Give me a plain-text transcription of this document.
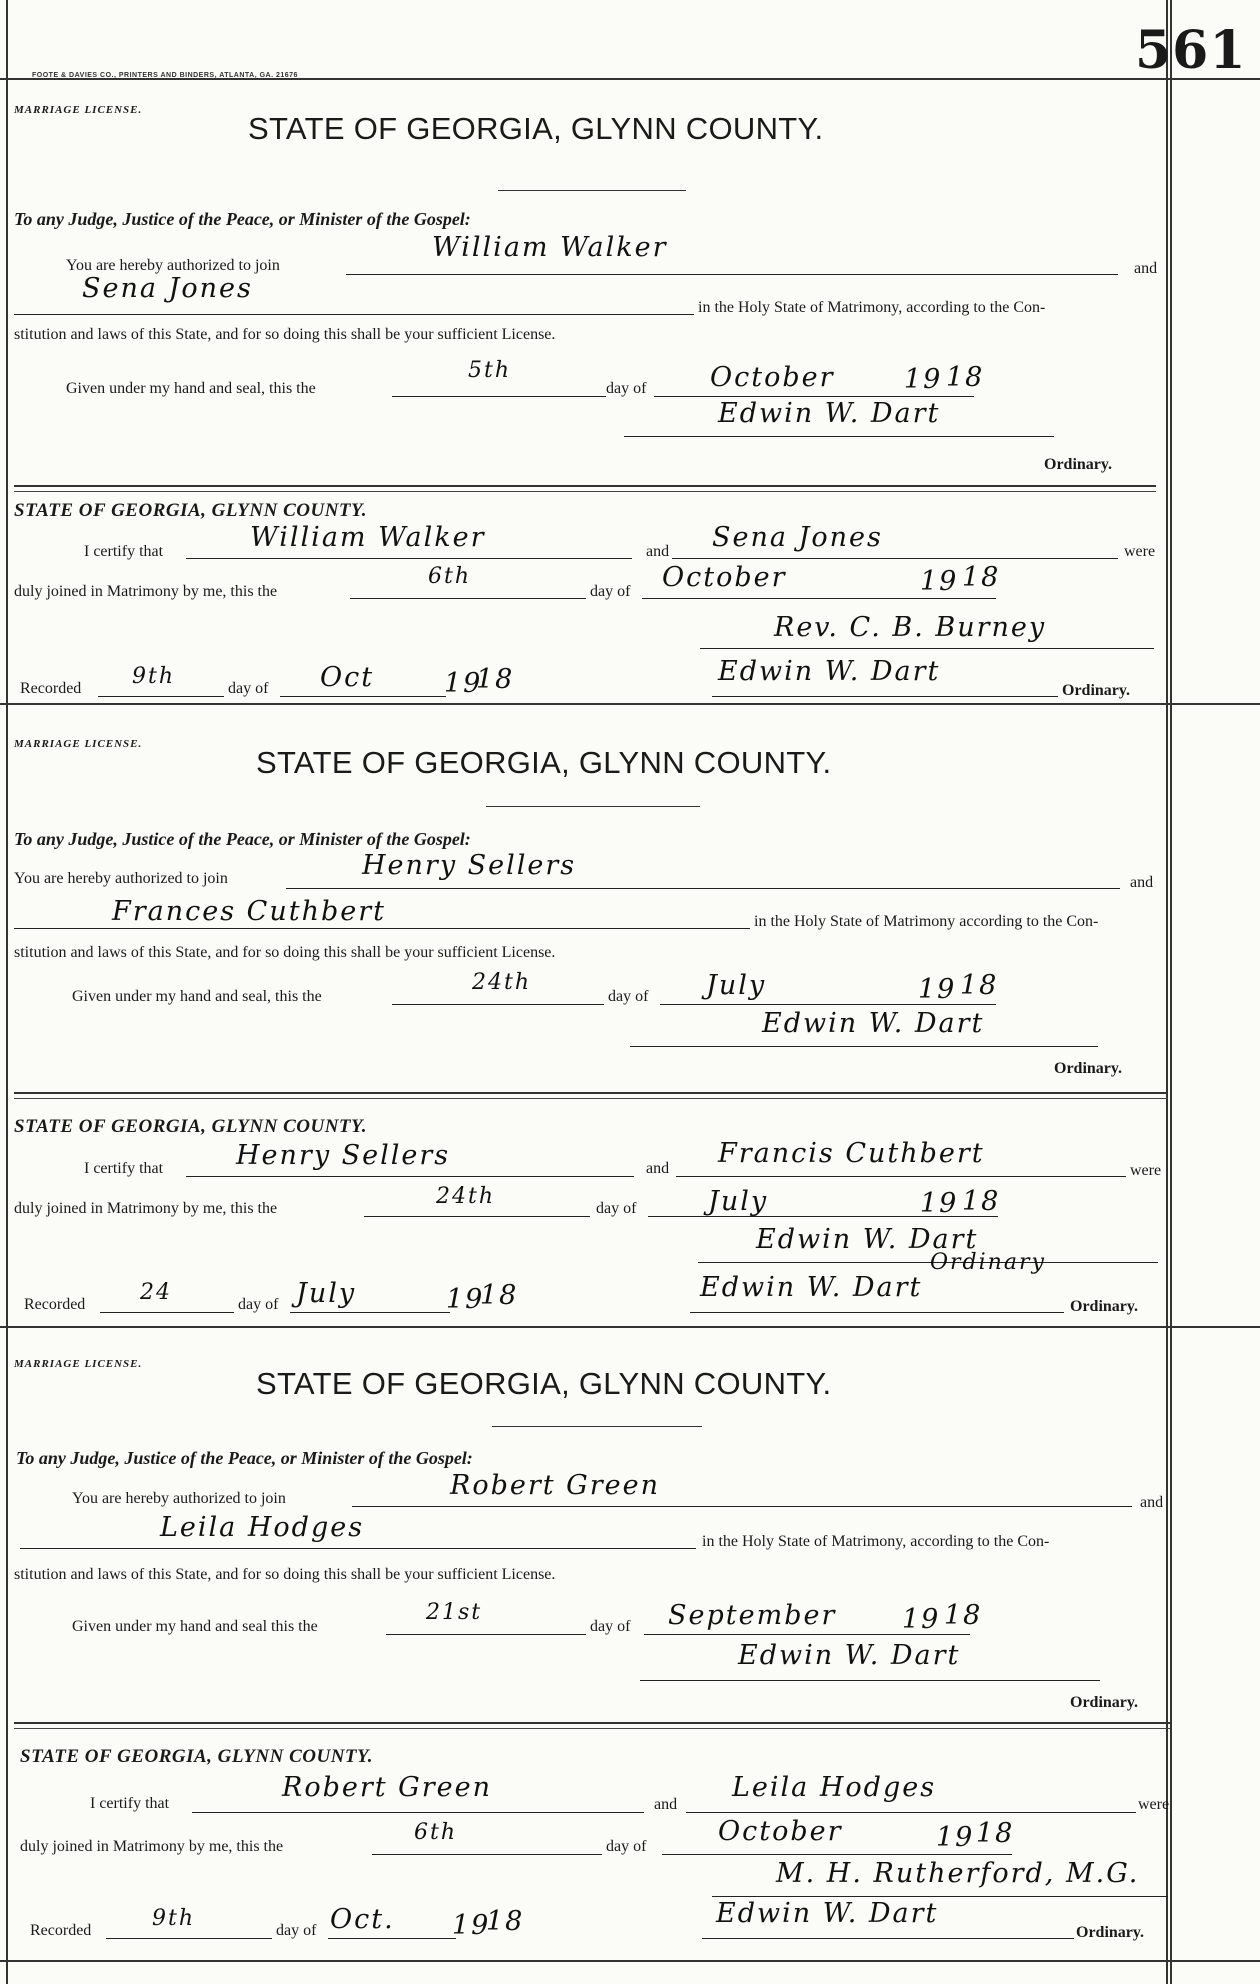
561
FOOTE & DAVIES CO., PRINTERS AND BINDERS, ATLANTA, GA. 21676
MARRIAGE LICENSE.
STATE OF GEORGIA, GLYNN COUNTY.
To any Judge, Justice of the Peace, or Minister of the Gospel:
You are hereby authorized to join
William Walker
and
Sena Jones
in the Holy State of Matrimony, according to the Con-
stitution and laws of this State, and for so doing this shall be your sufficient License.
Given under my hand and seal, this the
5th
day of October	19 18
Edwin W. Dart
Ordinary.
STATE OF GEORGIA, GLYNN COUNTY.
I certify that	William Walker	and Sena Jones	were
duly joined in Matrimony by me, this the
6th
day of October	19 18
Rev. C. B. Burney
Recorded 9th	day of Oct	19
18	Edwin W. Dart
Ordinary.
MARRIAGE LICENSE.
STATE OF GEORGIA, GLYNN COUNTY.
To any Judge, Justice of the Peace, or Minister of the Gospel:
You are hereby authorized to join	Henry Sellers
and
Frances Cuthbert	in the Holy State of Matrimony according to the Con-
stitution and laws of this State, and for so doing this shall be your sufficient License.
Given under my hand and seal, this the
24th
day of July	19 18
Edwin W. Dart
Ordinary.
STATE OF GEORGIA, GLYNN COUNTY.
I certify that	Henry Sellers	and Francis Cuthbert
were
duly joined in Matrimony by me, this the	24th	day of	July	19 18
Edwin W. Dart
Ordinary
Recorded 24	day of July	19
18	Edwin W. Dart
Ordinary.
MARRIAGE LICENSE.
STATE OF GEORGIA, GLYNN COUNTY.
To any Judge, Justice of the Peace, or Minister of the Gospel:
You are hereby authorized to join	Robert Green
and
Leila Hodges	in the Holy State of Matrimony, according to the Con-
stitution and laws of this State, and for so doing this shall be your sufficient License.
Given under my hand and seal this the
21st
day of September 19 18
Edwin W. Dart
Ordinary.
STATE OF GEORGIA, GLYNN COUNTY.
I certify that
Robert Green
and
Leila Hodges
were
duly joined in Matrimony by me, this the
6th
day of	October	19 18
M. H. Rutherford, M.G.
Recorded	9th	day of Oct. 19
18	Edwin W. Dart
Ordinary.
